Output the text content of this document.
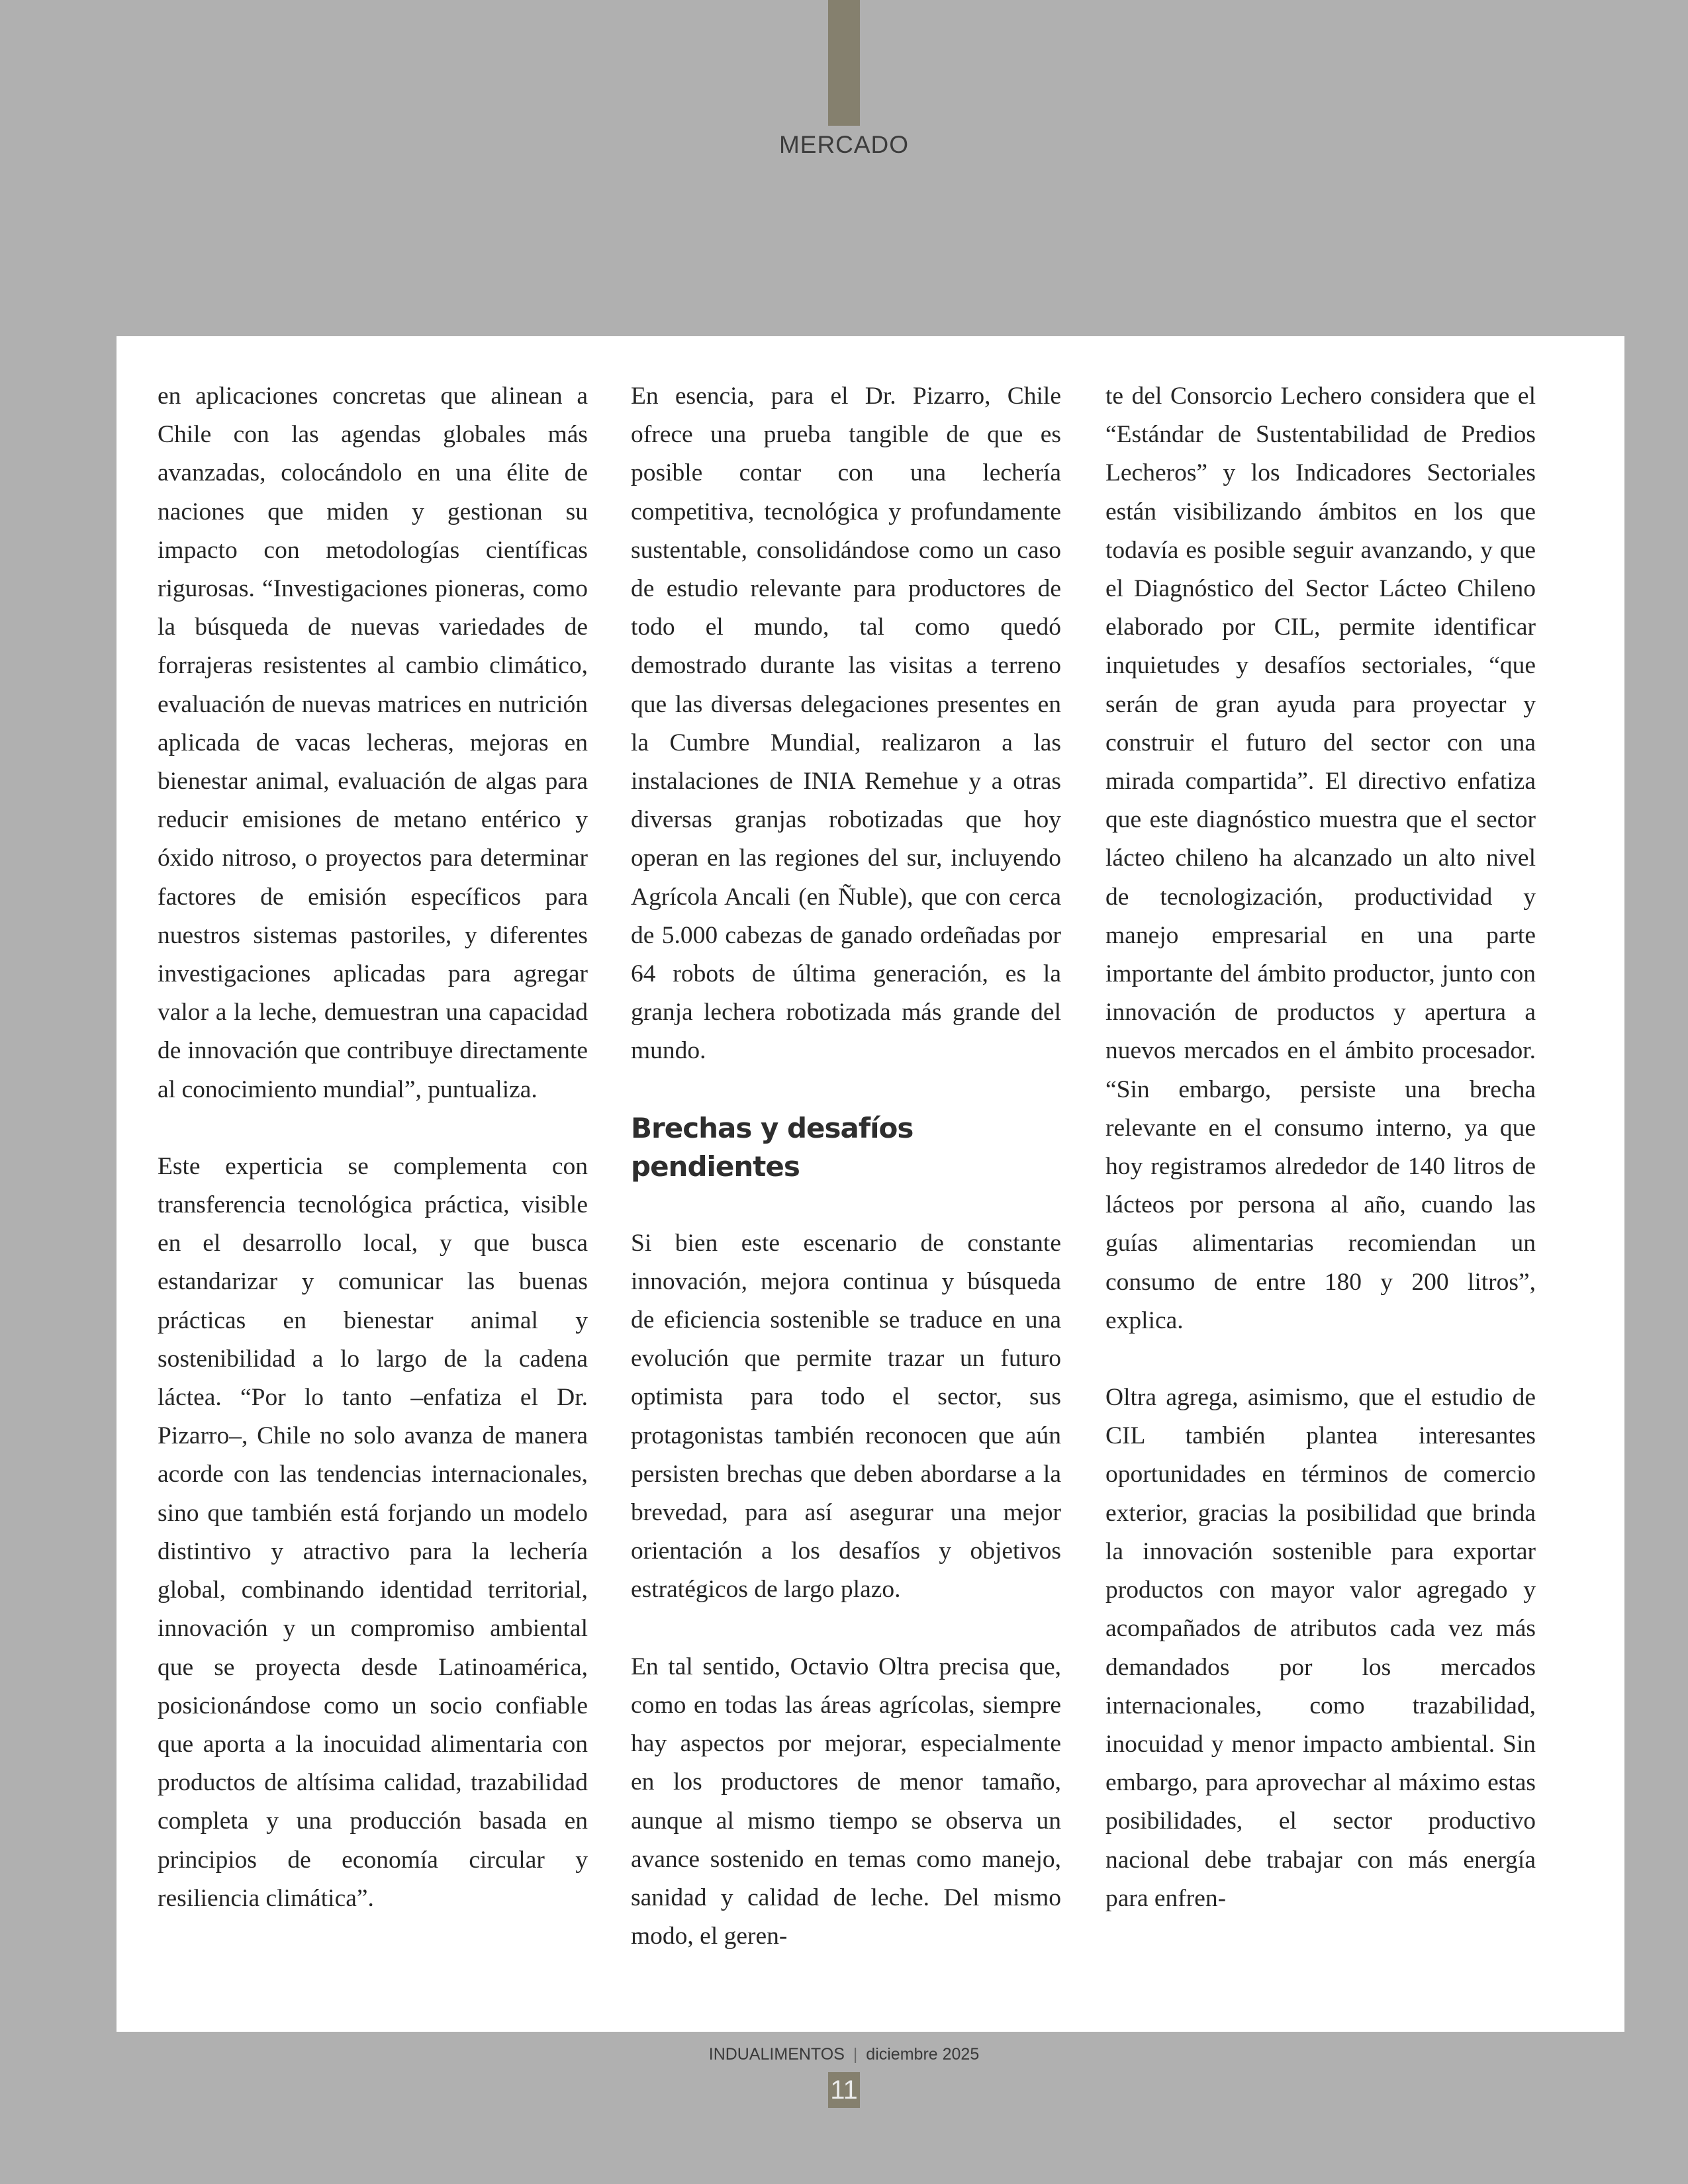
MERCADO

en aplicaciones concretas que alinean a Chile con las agendas globales más avanzadas, colocándolo en una élite de naciones que miden y gestionan su impacto con metodologías científicas rigurosas. “Investigaciones pioneras, como la búsqueda de nuevas variedades de forrajeras resistentes al cambio climático, evaluación de nuevas matrices en nutrición aplicada de vacas lecheras, mejoras en bienestar animal, evaluación de algas para reducir emisiones de metano entérico y óxido nitroso, o proyectos para determinar factores de emisión específicos para nuestros sistemas pastoriles, y diferentes investigaciones aplicadas para agregar valor a la leche, demuestran una capacidad de innovación que contribuye directamente al conocimiento mundial”, puntualiza.

Este experticia se complementa con transferencia tecnológica práctica, visible en el desarrollo local, y que busca estandarizar y comunicar las buenas prácticas en bienestar animal y sostenibilidad a lo largo de la cadena láctea. “Por lo tanto –enfatiza el Dr. Pizarro–, Chile no solo avanza de manera acorde con las tendencias internacionales, sino que también está forjando un modelo distintivo y atractivo para la lechería global, combinando identidad territorial, innovación y un compromiso ambiental que se proyecta desde Latinoamérica, posicionándose como un socio confiable que aporta a la inocuidad alimentaria con productos de altísima calidad, trazabilidad completa y una producción basada en principios de economía circular y resiliencia climática”.

En esencia, para el Dr. Pizarro, Chile ofrece una prueba tangible de que es posible contar con una lechería competitiva, tecnológica y profundamente sustentable, consolidándose como un caso de estudio relevante para productores de todo el mundo, tal como quedó demostrado durante las visitas a terreno que las diversas delegaciones presentes en la Cumbre Mundial, realizaron a las instalaciones de INIA Remehue y a otras diversas granjas robotizadas que hoy operan en las regiones del sur, incluyendo Agrícola Ancali (en Ñuble), que con cerca de 5.000 cabezas de ganado ordeñadas por 64 robots de última generación, es la granja lechera robotizada más grande del mundo.

Brechas y desafíos pendientes

Si bien este escenario de constante innovación, mejora continua y búsqueda de eficiencia sostenible se traduce en una evolución que permite trazar un futuro optimista para todo el sector, sus protagonistas también reconocen que aún persisten brechas que deben abordarse a la brevedad, para así asegurar una mejor orientación a los desafíos y objetivos estratégicos de largo plazo.

En tal sentido, Octavio Oltra precisa que, como en todas las áreas agrícolas, siempre hay aspectos por mejorar, especialmente en los productores de menor tamaño, aunque al mismo tiempo se observa un avance sostenido en temas como manejo, sanidad y calidad de leche. Del mismo modo, el geren-

te del Consorcio Lechero considera que el “Estándar de Sustentabilidad de Predios Lecheros” y los Indicadores Sectoriales están visibilizando ámbitos en los que todavía es posible seguir avanzando, y que el Diagnóstico del Sector Lácteo Chileno elaborado por CIL, permite identificar inquietudes y desafíos sectoriales, “que serán de gran ayuda para proyectar y construir el futuro del sector con una mirada compartida”. El directivo enfatiza que este diagnóstico muestra que el sector lácteo chileno ha alcanzado un alto nivel de tecnologización, productividad y manejo empresarial en una parte importante del ámbito productor, junto con innovación de productos y apertura a nuevos mercados en el ámbito procesador. “Sin embargo, persiste una brecha relevante en el consumo interno, ya que hoy registramos alrededor de 140 litros de lácteos por persona al año, cuando las guías alimentarias recomiendan un consumo de entre 180 y 200 litros”, explica.

Oltra agrega, asimismo, que el estudio de CIL también plantea interesantes oportunidades en términos de comercio exterior, gracias la posibilidad que brinda la innovación sostenible para exportar productos con mayor valor agregado y acompañados de atributos cada vez más demandados por los mercados internacionales, como trazabilidad, inocuidad y menor impacto ambiental. Sin embargo, para aprovechar al máximo estas posibilidades, el sector productivo nacional debe trabajar con más energía para enfren-

INDUALIMENTOS | diciembre 2025
11
